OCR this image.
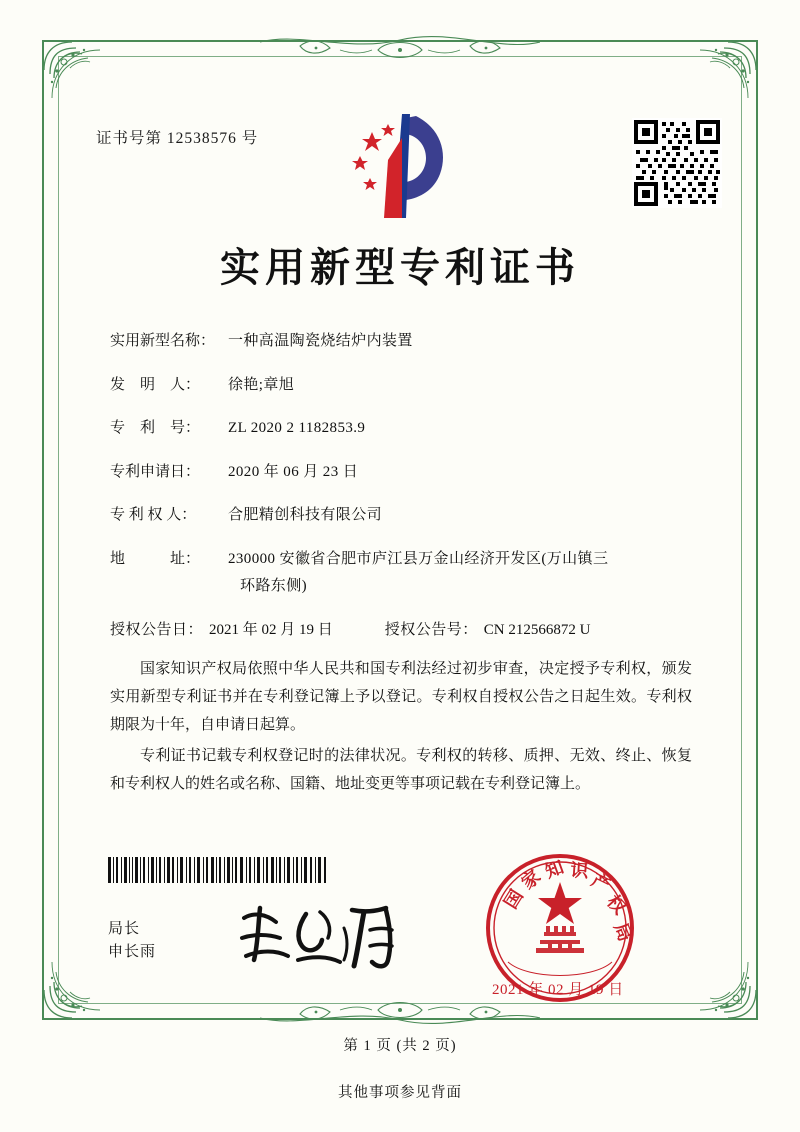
证书号第 12538576 号
实用新型专利证书
实用新型名称： 一种高温陶瓷烧结炉内装置
发　明　人：	徐艳;章旭
专　利　号：	ZL 2020 2 1182853.9
专利申请日：	2020 年 06 月 23 日
专 利 权 人：	合肥精创科技有限公司
地　　　址：	230000 安徽省合肥市庐江县万金山经济开发区(万山镇三
环路东侧)
授权公告日： 2021 年 02 月 19 日	授权公告号： CN 212566872 U

国家知识产权局依照中华人民共和国专利法经过初步审查，决定授予专利权，颁发实用新型专利证书并在专利登记簿上予以登记。专利权自授权公告之日起生效。专利权期限为十年，自申请日起算。

专利证书记载专利权登记时的法律状况。专利权的转移、质押、无效、终止、恢复和专利权人的姓名或名称、国籍、地址变更等事项记载在专利登记簿上。

局长
申长雨
国
家
知 识 产
权
局
2021 年 02 月 19 日
第 1 页 (共 2 页)
其他事项参见背面
